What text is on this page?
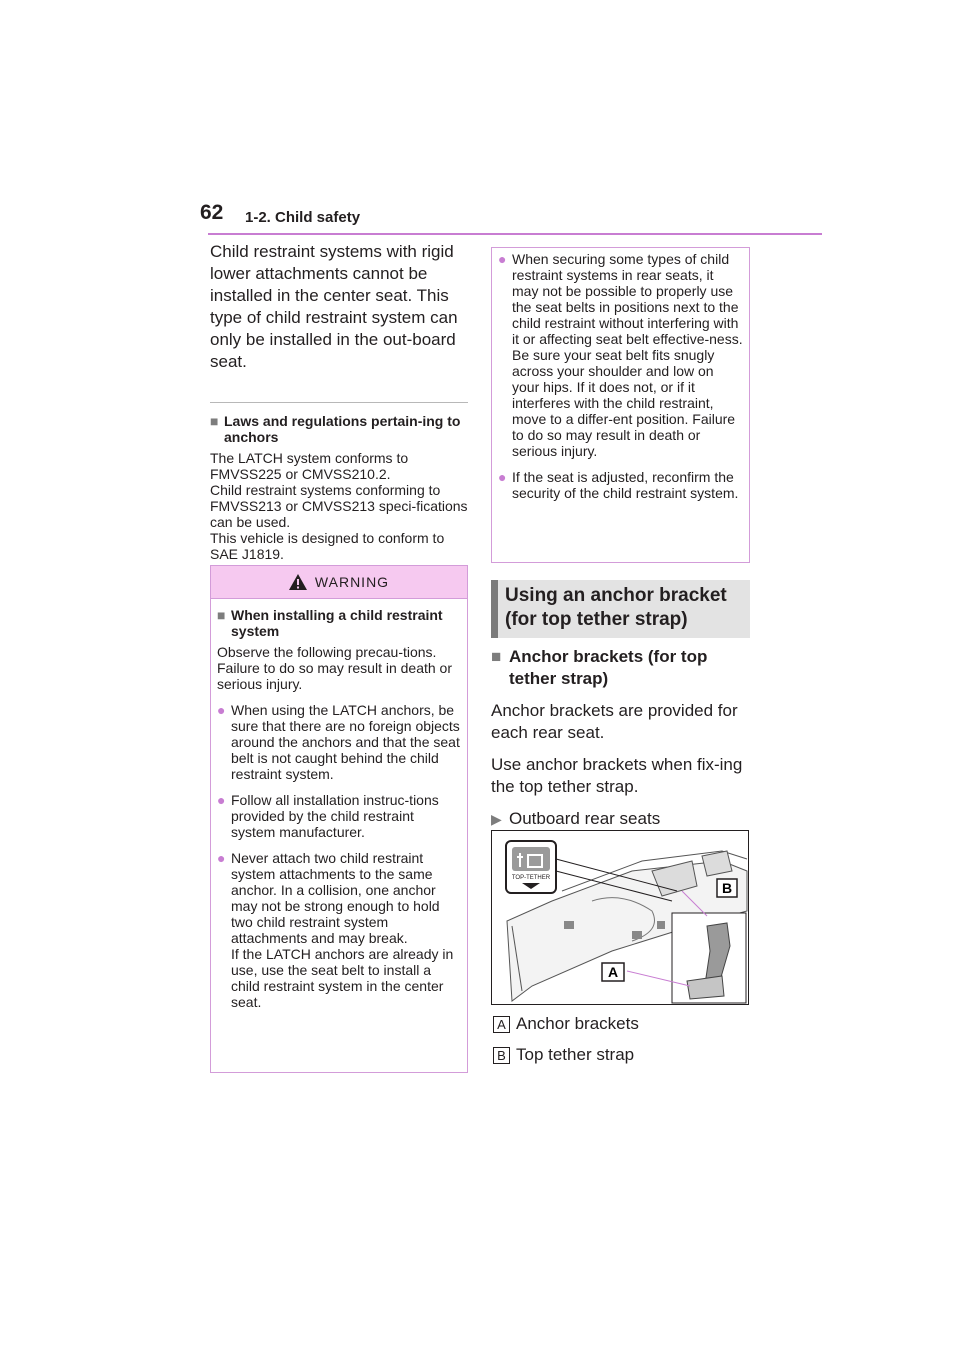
62 1-2. Child safety

Child restraint systems with rigid lower attachments cannot be installed in the center seat. This type of child restraint system can only be installed in the out-board seat.

■ Laws and regulations pertain-ing to anchors

The LATCH system conforms to FMVSS225 or CMVSS210.2.

Child restraint systems conforming to FMVSS213 or CMVSS213 speci-fications can be used.

This vehicle is designed to conform to SAE J1819.

WARNING
■ When installing a child restraint system

Observe the following precau-tions.

Failure to do so may result in death or serious injury.

● When using the LATCH anchors, be sure that there are no foreign objects around the anchors and that the seat belt is not caught behind the child restraint system.
● Follow all installation instruc-tions provided by the child restraint system manufacturer.
● Never attach two child restraint system attachments to the same anchor. In a collision, one anchor may not be strong enough to hold two child restraint system attachments and may break.
If the LATCH anchors are already in use, use the seat belt to install a child restraint system in the center seat.
● When securing some types of child restraint systems in rear seats, it may not be possible to properly use the seat belts in positions next to the child restraint without interfering with it or affecting seat belt effective-ness. Be sure your seat belt fits snugly across your shoulder and low on your hips. If it does not, or if it interferes with the child restraint, move to a differ-ent position. Failure to do so may result in death or serious injury.
● If the seat is adjusted, reconfirm the security of the child restraint system.
Using an anchor bracket (for top tether strap)
■ Anchor brackets (for top tether strap)

Anchor brackets are provided for each rear seat.

Use anchor brackets when fix-ing the top tether strap.

▶ Outboard rear seats
TOP-TETHER
B
A
A Anchor brackets
B Top tether strap
